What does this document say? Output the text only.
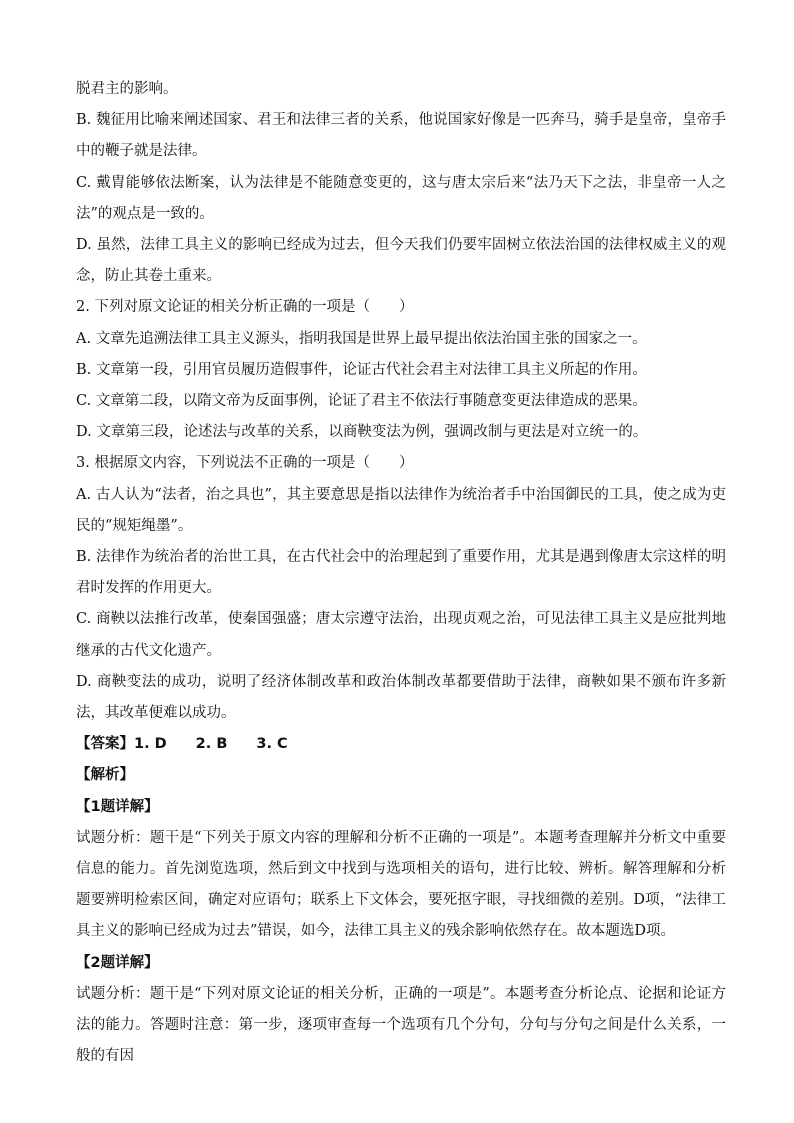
脱君主的影响。

B. 魏征用比喻来阐述国家、君王和法律三者的关系，他说国家好像是一匹奔马，骑手是皇帝，皇帝手中的鞭子就是法律。

C. 戴胄能够依法断案，认为法律是不能随意变更的，这与唐太宗后来“法乃天下之法，非皇帝一人之法”的观点是一致的。

D. 虽然，法律工具主义的影响已经成为过去，但今天我们仍要牢固树立依法治国的法律权威主义的观念，防止其卷土重来。

2. 下列对原文论证的相关分析正确的一项是（　　）

A. 文章先追溯法律工具主义源头，指明我国是世界上最早提出依法治国主张的国家之一。

B. 文章第一段，引用官员履历造假事件，论证古代社会君主对法律工具主义所起的作用。

C. 文章第二段，以隋文帝为反面事例，论证了君主不依法行事随意变更法律造成的恶果。

D. 文章第三段，论述法与改革的关系，以商鞅变法为例，强调改制与更法是对立统一的。

3. 根据原文内容，下列说法不正确的一项是（　　）

A. 古人认为“法者，治之具也”，其主要意思是指以法律作为统治者手中治国御民的工具，使之成为吏民的“规矩绳墨”。

B. 法律作为统治者的治世工具，在古代社会中的治理起到了重要作用，尤其是遇到像唐太宗这样的明君时发挥的作用更大。

C. 商鞅以法推行改革，使秦国强盛；唐太宗遵守法治，出现贞观之治，可见法律工具主义是应批判地继承的古代文化遗产。

D. 商鞅变法的成功，说明了经济体制改革和政治体制改革都要借助于法律，商鞅如果不颁布许多新法，其改革便难以成功。

【答案】1. D　　2. B　　3. C

【解析】

【1题详解】

试题分析：题干是“下列关于原文内容的理解和分析不正确的一项是”。本题考查理解并分析文中重要信息的能力。首先浏览选项，然后到文中找到与选项相关的语句，进行比较、辨析。解答理解和分析题要辨明检索区间，确定对应语句；联系上下文体会，要死抠字眼，寻找细微的差别。D项，“法律工具主义的影响已经成为过去”错误，如今，法律工具主义的残余影响依然存在。故本题选D项。

【2题详解】

试题分析：题干是“下列对原文论证的相关分析，正确的一项是”。本题考查分析论点、论据和论证方法的能力。答题时注意：第一步，逐项审查每一个选项有几个分句，分句与分句之间是什么关系，一般的有因
